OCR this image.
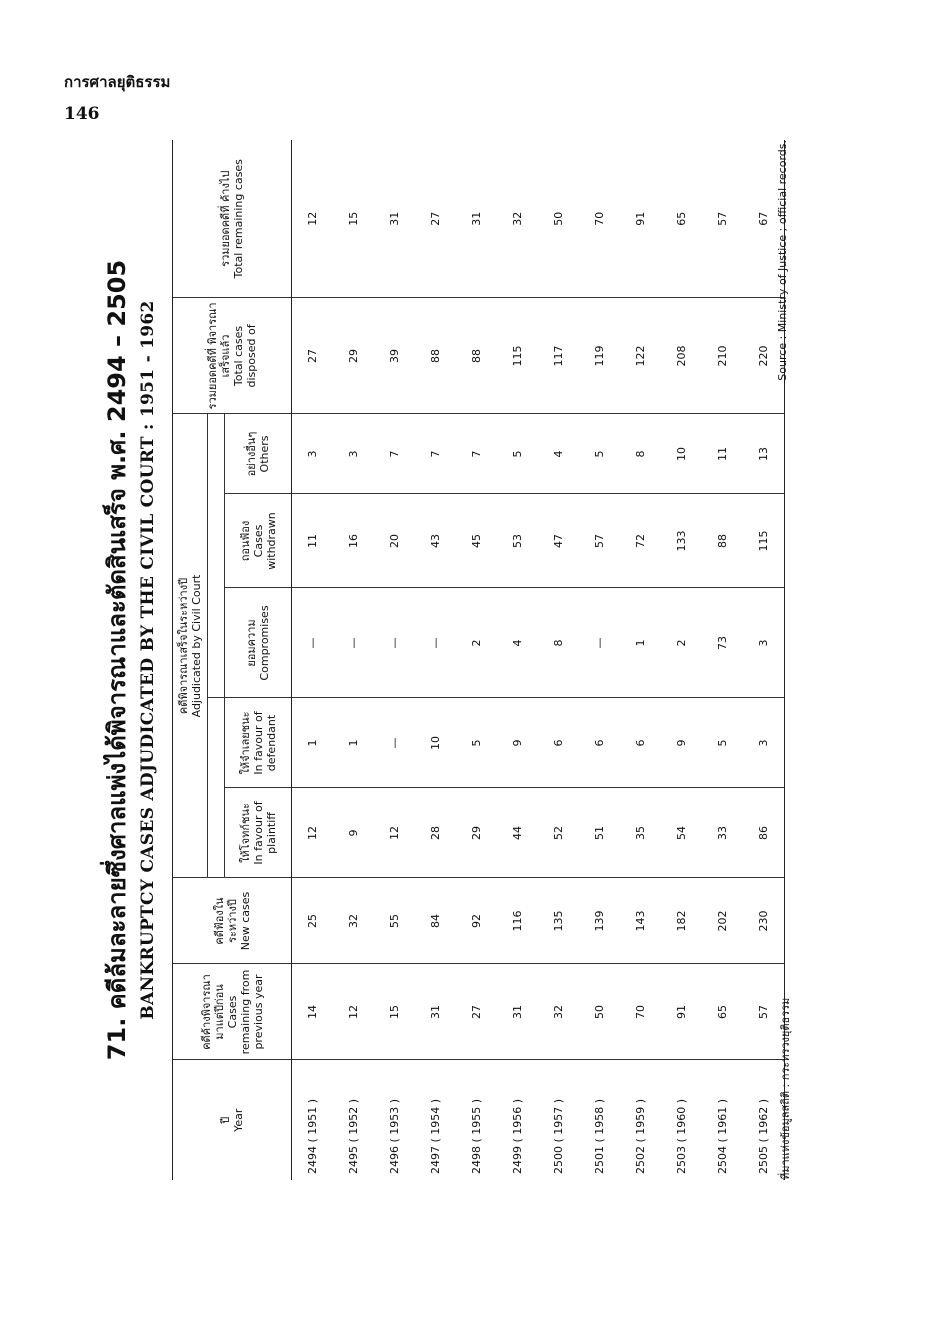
การศาลยุติธรรม
146
71. คดีล้มละลายซึ่งศาลแพ่งได้พิจารณาและตัดสินเสร็จ พ.ศ. 2494 – 2505 BANKRUPTCY CASES ADJUDICATED BY THE CIVIL COURT : 1951 - 1962
ปี Year	คดีค้างพิจารณา มาแต่ปีก่อน Cases remaining from previous year	คดีฟ้องใน ระหว่างปี New cases	คดีพิจารณาเสร็จในระหว่างปี Adjudicated by Civil Court					รวมยอดคดีที่ พิจารณาเสร็จแล้ว Total cases disposed of	รวมยอดคดีที่ ค้างไป Total remaining cases

			ให้โจทก์ชนะ In favour of plaintiff	ให้จำเลยชนะ In favour of defendant	ยอมความ Compromises	ถอนฟ้อง Cases withdrawn	อย่างอื่นๆ Others		

2494 ( 1951 )	14	25	12	1	—	11	3	27	12
2495 ( 1952 )	12	32	9	1	—	16	3	29	15
2496 ( 1953 )	15	55	12	—	—	20	7	39	31
2497 ( 1954 )	31	84	28	10	—	43	7	88	27
2498 ( 1955 )	27	92	29	5	2	45	7	88	31
2499 ( 1956 )	31	116	44	9	4	53	5	115	32
2500 ( 1957 )	32	135	52	6	8	47	4	117	50
2501 ( 1958 )	50	139	51	6	—	57	5	119	70
2502 ( 1959 )	70	143	35	6	1	72	8	122	91
2503 ( 1960 )	91	182	54	9	2	133	10	208	65
2504 ( 1961 )	65	202	33	5	73	88	11	210	57
2505 ( 1962 )	57	230	86	3	3	115	13	220	67
ที่มาแห่งข้อมูลสถิติ : กระทรวงยุติธรรม
Source : Ministry of Justice ; official records.
